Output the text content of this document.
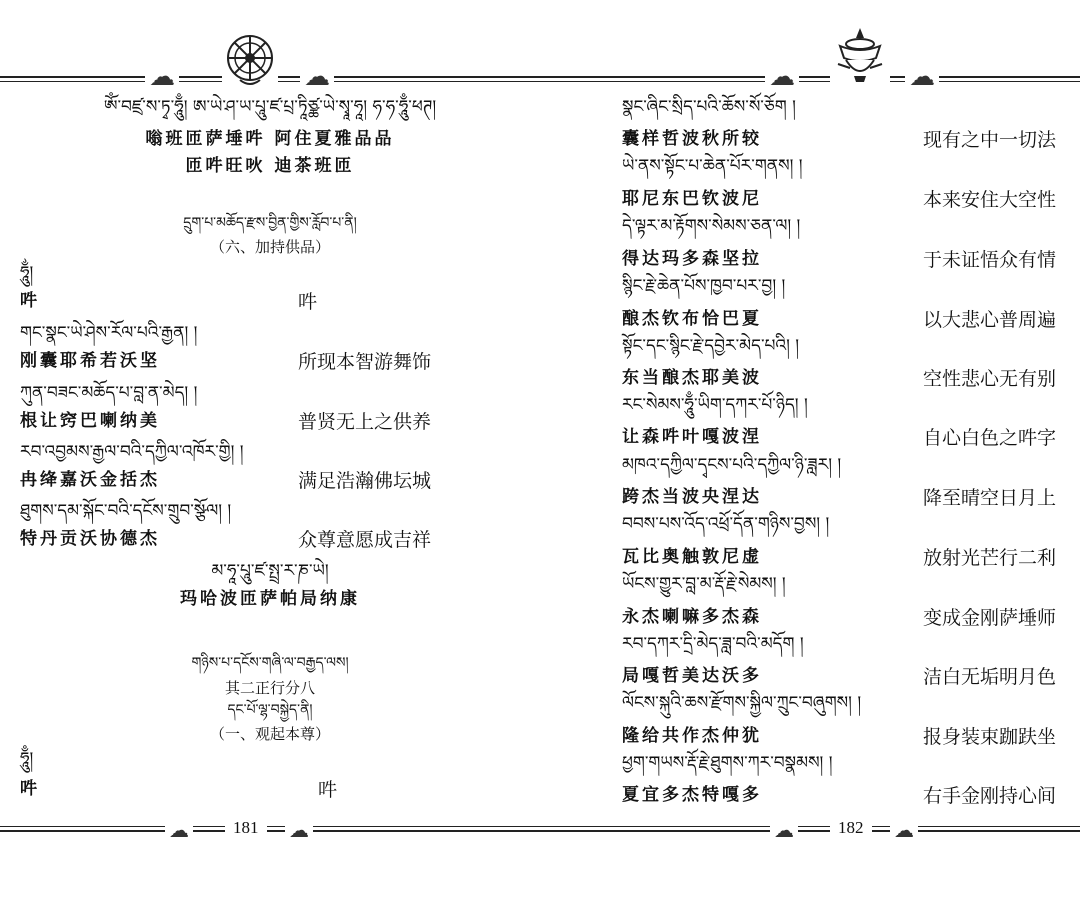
☁	☁
ཨོཾ་བཛྲ་ས་ཏྭ་ཧཱུྃ། ཨ་ཡེ་ཤ་ཡ་པཱུ་ཛ་པྲ་ཏཱིཙྪ་ཡེ་སྭཱ་ཧཱ། ཧ་ཧ་ཧཱུྃ་ཕཊ།
嗡班匝萨埵吽 阿住夏雅品品
匝吽旺吙 迪茶班匝
དྲུག་པ་མཆོད་རྫས་བྱིན་གྱིས་རློབ་པ་ནི།
（六、加持供品）
ཧཱུྂ།
吽	吽
གང་སྣང་ཡེ་ཤེས་རོལ་པའི་རྒྱན། །
刚囊耶希若沃坚	所现本智游舞饰
ཀུན་བཟང་མཆོད་པ་བླ་ན་མེད། །
根让窍巴喇纳美	普贤无上之供养
རབ་འབྱམས་རྒྱལ་བའི་དཀྱིལ་འཁོར་གྱི། །
冉绛嘉沃金括杰	满足浩瀚佛坛城
ཐུགས་དམ་སྐོང་བའི་དངོས་གྲུབ་སྩོལ། །
特丹贡沃协德杰	众尊意愿成吉祥
མ་ཧཱ་པཱུ་ཛ་སྤྲ་ར་ཎ་ཡེ།
玛哈波匝萨帕局纳康
གཉིས་པ་དངོས་གཞི་ལ་བརྒྱད་ལས།
其二正行分八
དང་པོ་ལྷ་བསྐྱེད་ནི།
（一、观起本尊）
ཧཱུྃ།
吽	吽
☁	☁
181
☁	☁
སྣང་ཞིང་སྲིད་པའི་ཆོས་སོ་ཅོག །
囊样哲波秋所较	现有之中一切法
ཡེ་ནས་སྟོང་པ་ཆེན་པོར་གནས། །
耶尼东巴钦波尼	本来安住大空性
དེ་ལྟར་མ་རྟོགས་སེམས་ཅན་ལ། །
得达玛多森坚拉	于未证悟众有情
སྙིང་རྗེ་ཆེན་པོས་ཁྱབ་པར་བྱ། །
酿杰钦布恰巴夏	以大悲心普周遍
སྟོང་དང་སྙིང་རྗེ་དབྱེར་མེད་པའི། །
东当酿杰耶美波	空性悲心无有别
རང་སེམས་ཧཱུྃ་ཡིག་དཀར་པོ་ཉིད། །
让森吽叶嘎波涅	自心白色之吽字
མཁའ་དཀྱིལ་དྭངས་པའི་དཀྱིལ་ཉི་ཟླར། །
跨杰当波央涅达	降至晴空日月上
བབས་པས་འོད་འཕྲོ་དོན་གཉིས་བྱས། །
瓦比奥触敦尼虚	放射光芒行二利
ཡོངས་གྱུར་བླ་མ་རྡོ་རྗེ་སེམས། །
永杰喇嘛多杰森	变成金刚萨埵师
རབ་དཀར་དྲི་མེད་ཟླ་བའི་མདོག །
局嘎哲美达沃多	洁白无垢明月色
ལོངས་སྐུའི་ཆས་རྫོགས་སྐྱིལ་ཀྲུང་བཞུགས། །
隆给共作杰仲犹	报身装束跏趺坐
ཕྱག་གཡས་རྡོ་རྗེ་ཐུགས་ཀར་བསྣམས། །
夏宜多杰特嘎多	右手金刚持心间
☁	☁
182
